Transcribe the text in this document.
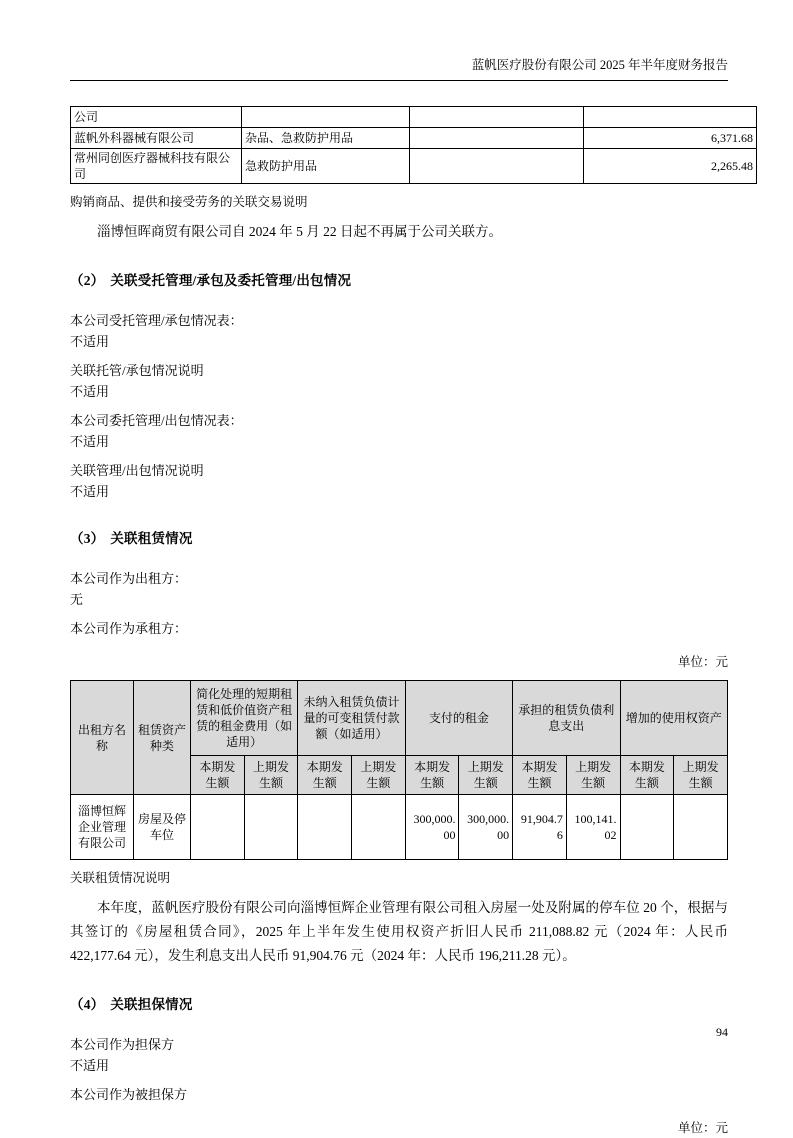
蓝帆医疗股份有限公司 2025 年半年度财务报告
公司			
蓝帆外科器械有限公司	杂品、急救防护用品		6,371.68
常州同创医疗器械科技有限公司	急救防护用品		2,265.48

购销商品、提供和接受劳务的关联交易说明

淄博恒晖商贸有限公司自 2024 年 5 月 22 日起不再属于公司关联方。

（2） 关联受托管理/承包及委托管理/出包情况

本公司受托管理/承包情况表：

不适用

关联托管/承包情况说明

不适用

本公司委托管理/出包情况表：

不适用

关联管理/出包情况说明

不适用

（3） 关联租赁情况

本公司作为出租方：

无

本公司作为承租方：

单位：元

出租方名称	租赁资产种类	简化处理的短期租赁和低价值资产租赁的租金费用（如适用）		未纳入租赁负债计量的可变租赁付款额（如适用）		支付的租金		承担的租赁负债利息支出		增加的使用权资产	
		本期发生额	上期发生额	本期发生额	上期发生额	本期发生额	上期发生额	本期发生额	上期发生额	本期发生额	上期发生额
淄博恒辉企业管理有限公司	房屋及停车位					300,000.00	300,000.00	91,904.76	100,141.02		

关联租赁情况说明

本年度，蓝帆医疗股份有限公司向淄博恒辉企业管理有限公司租入房屋一处及附属的停车位 20 个，根据与其签订的《房屋租赁合同》，2025 年上半年发生使用权资产折旧人民币 211,088.82 元（2024 年：人民币 422,177.64 元），发生利息支出人民币 91,904.76 元（2024 年：人民币 196,211.28 元）。

（4） 关联担保情况

本公司作为担保方

不适用

本公司作为被担保方

单位：元

94
